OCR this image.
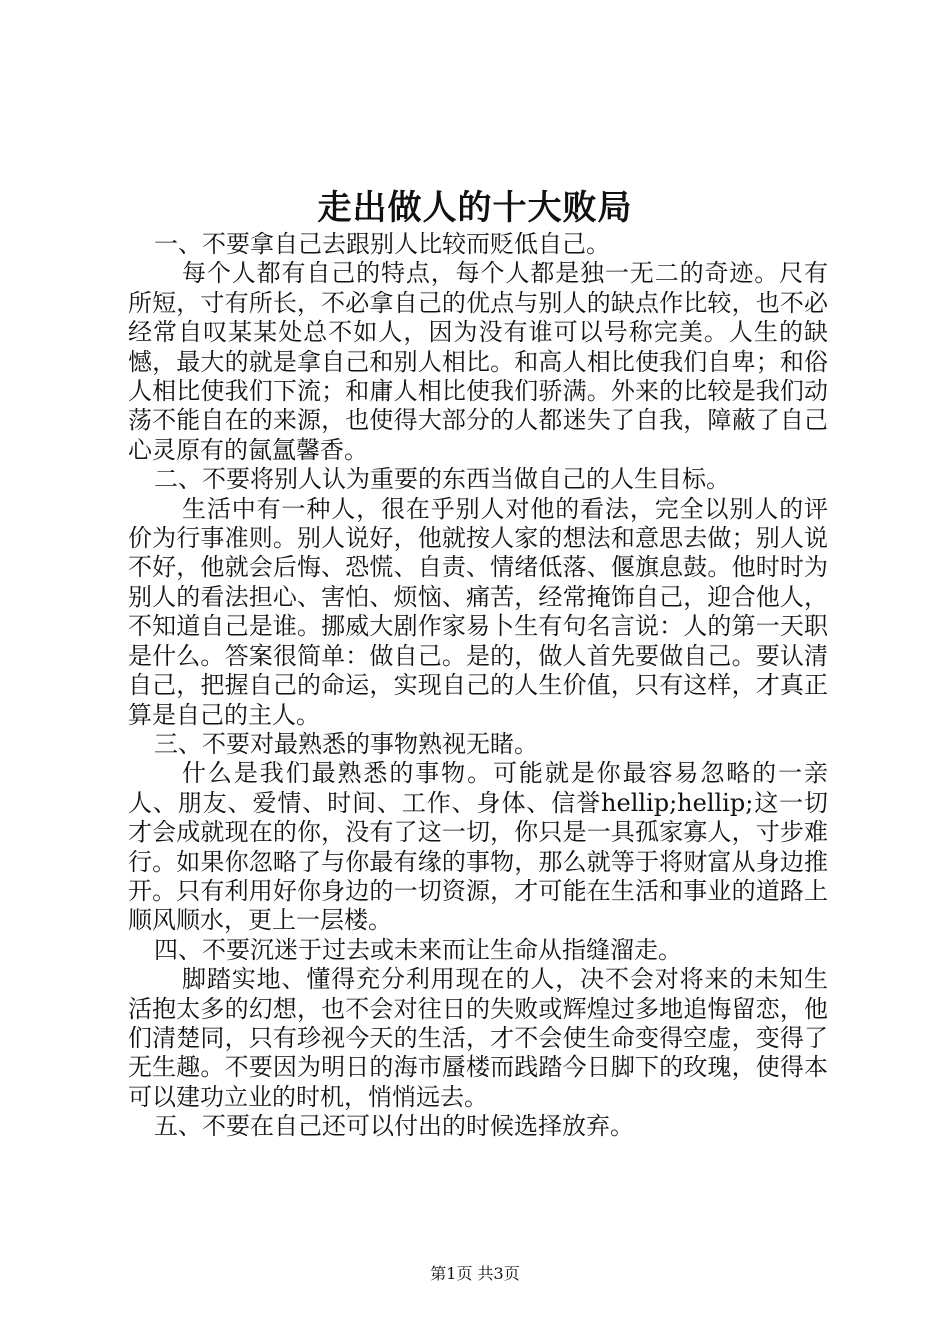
走出做人的十大败局

一、不要拿自己去跟别人比较而贬低自己。

每个人都有自己的特点，每个人都是独一无二的奇迹。尺有所短，寸有所长，不必拿自己的优点与别人的缺点作比较，也不必经常自叹某某处总不如人，因为没有谁可以号称完美。人生的缺憾，最大的就是拿自己和别人相比。和高人相比使我们自卑；和俗人相比使我们下流；和庸人相比使我们骄满。外来的比较是我们动荡不能自在的来源，也使得大部分的人都迷失了自我，障蔽了自己心灵原有的氤氲馨香。

二、不要将别人认为重要的东西当做自己的人生目标。

生活中有一种人，很在乎别人对他的看法，完全以别人的评价为行事准则。别人说好，他就按人家的想法和意思去做；别人说不好，他就会后悔、恐慌、自责、情绪低落、偃旗息鼓。他时时为别人的看法担心、害怕、烦恼、痛苦，经常掩饰自己，迎合他人，不知道自己是谁。挪威大剧作家易卜生有句名言说：人的第一天职是什么。答案很简单：做自己。是的，做人首先要做自己。要认清自己，把握自己的命运，实现自己的人生价值，只有这样，才真正算是自己的主人。

三、不要对最熟悉的事物熟视无睹。

什么是我们最熟悉的事物。可能就是你最容易忽略的一亲人、朋友、爱情、时间、工作、身体、信誉hellip;hellip;这一切才会成就现在的你，没有了这一切，你只是一具孤家寡人，寸步难行。如果你忽略了与你最有缘的事物，那么就等于将财富从身边推开。只有利用好你身边的一切资源，才可能在生活和事业的道路上顺风顺水，更上一层楼。

四、不要沉迷于过去或未来而让生命从指缝溜走。

脚踏实地、懂得充分利用现在的人，决不会对将来的未知生活抱太多的幻想，也不会对往日的失败或辉煌过多地追悔留恋，他们清楚同，只有珍视今天的生活，才不会使生命变得空虚，变得了无生趣。不要因为明日的海市蜃楼而践踏今日脚下的玫瑰，使得本可以建功立业的时机，悄悄远去。

五、不要在自己还可以付出的时候选择放弃。

第1页 共3页
